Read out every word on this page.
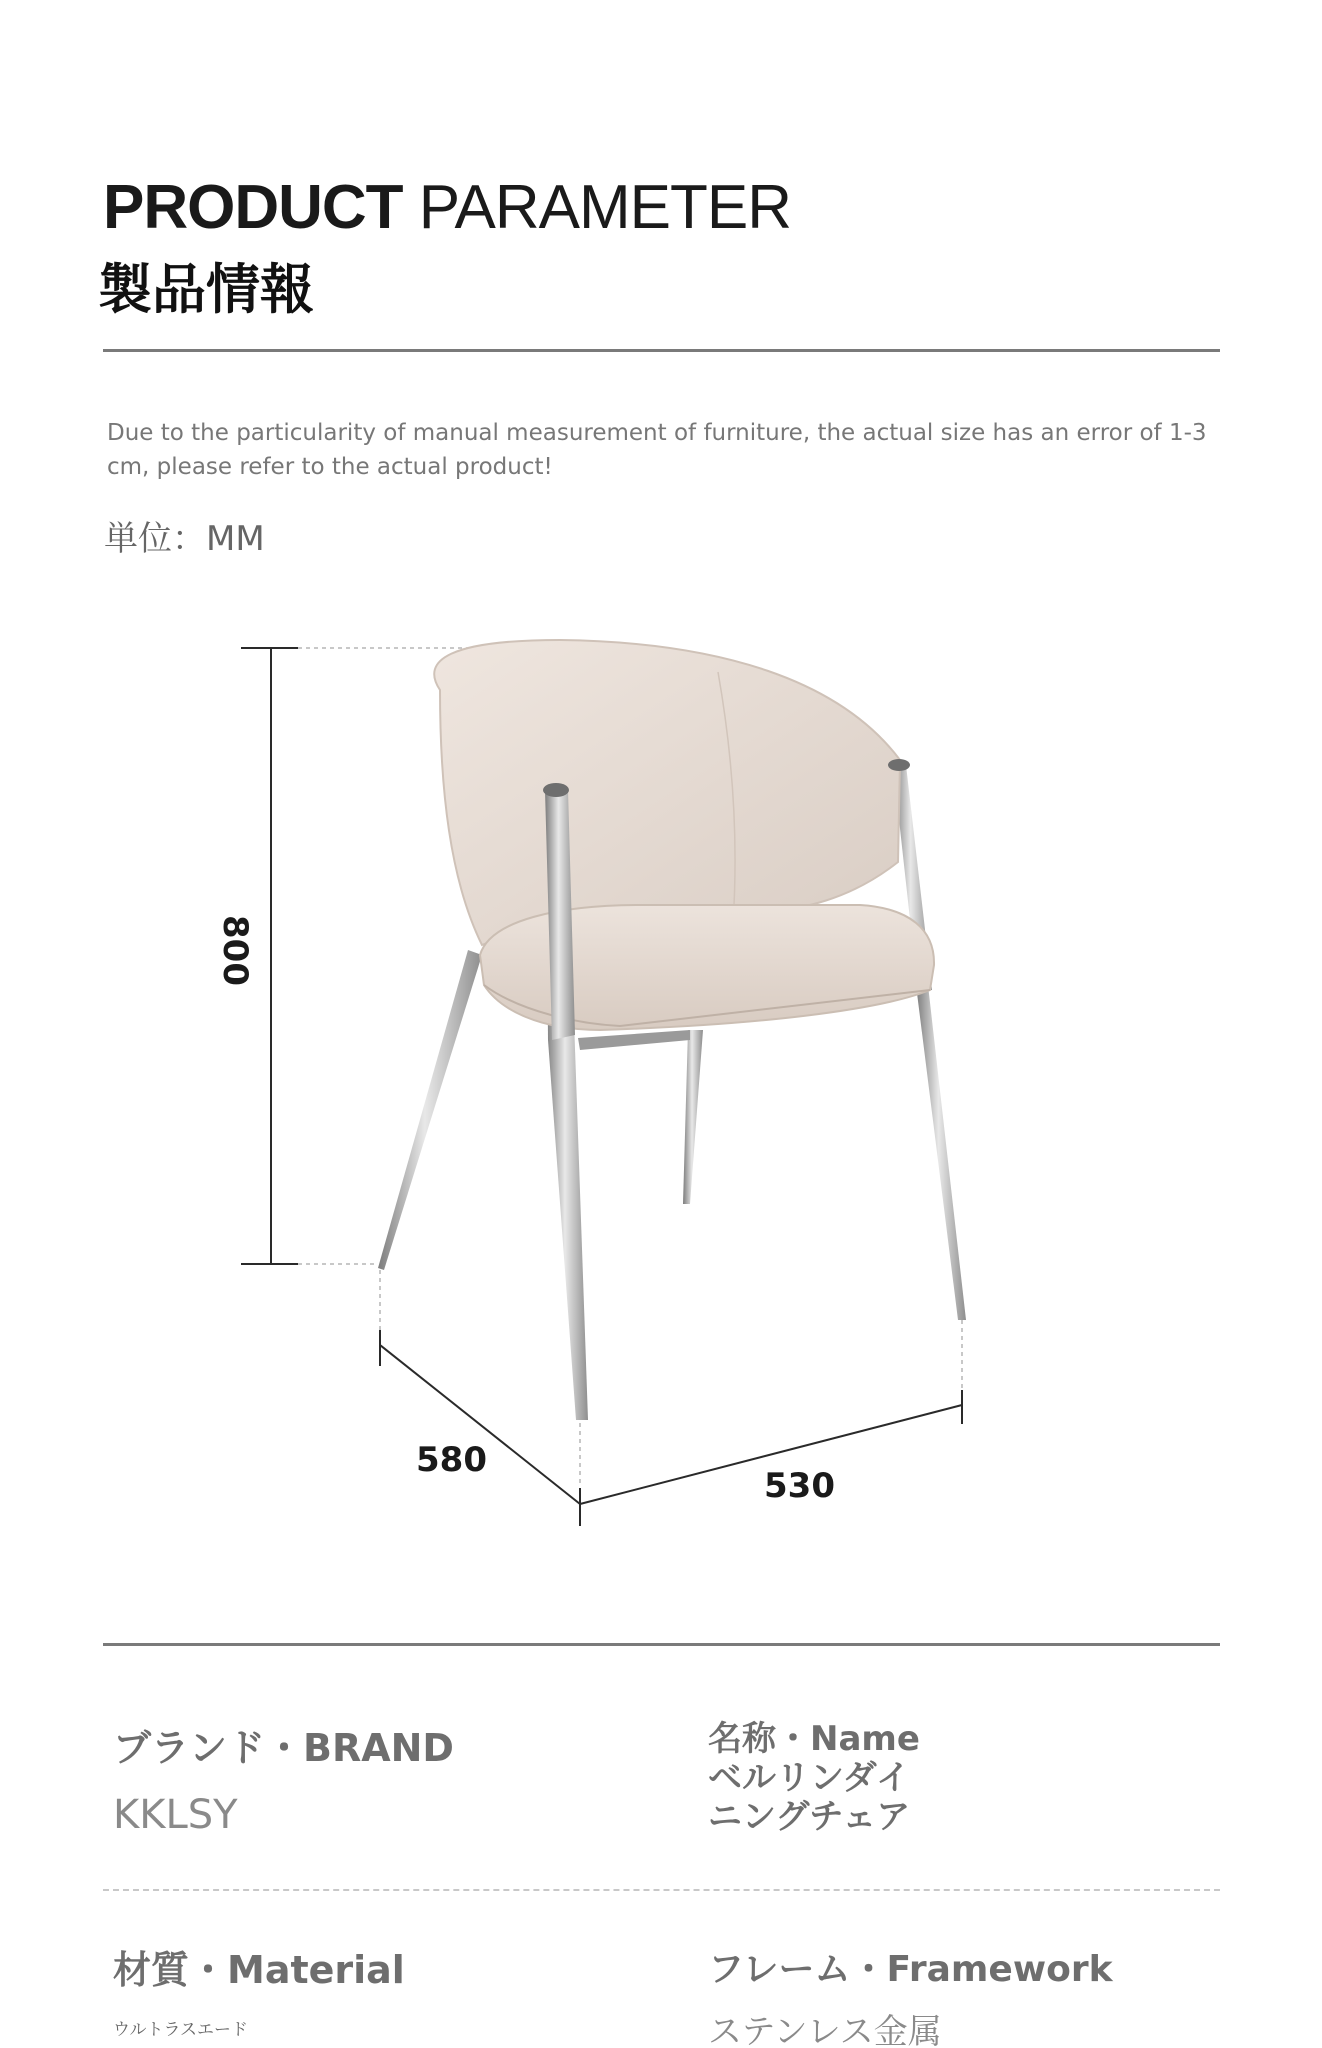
PRODUCT PARAMETER
製品情報
Due to the particularity of manual measurement of furniture, the actual size has an error of 1-3 cm, please refer to the actual product!
単位：MM
800
580
530
ブランド・BRAND
KKLSY
名称・Name
ベルリンダイ
ニングチェア
材質・Material
ウルトラスエード
フレーム・Framework
ステンレス金属
